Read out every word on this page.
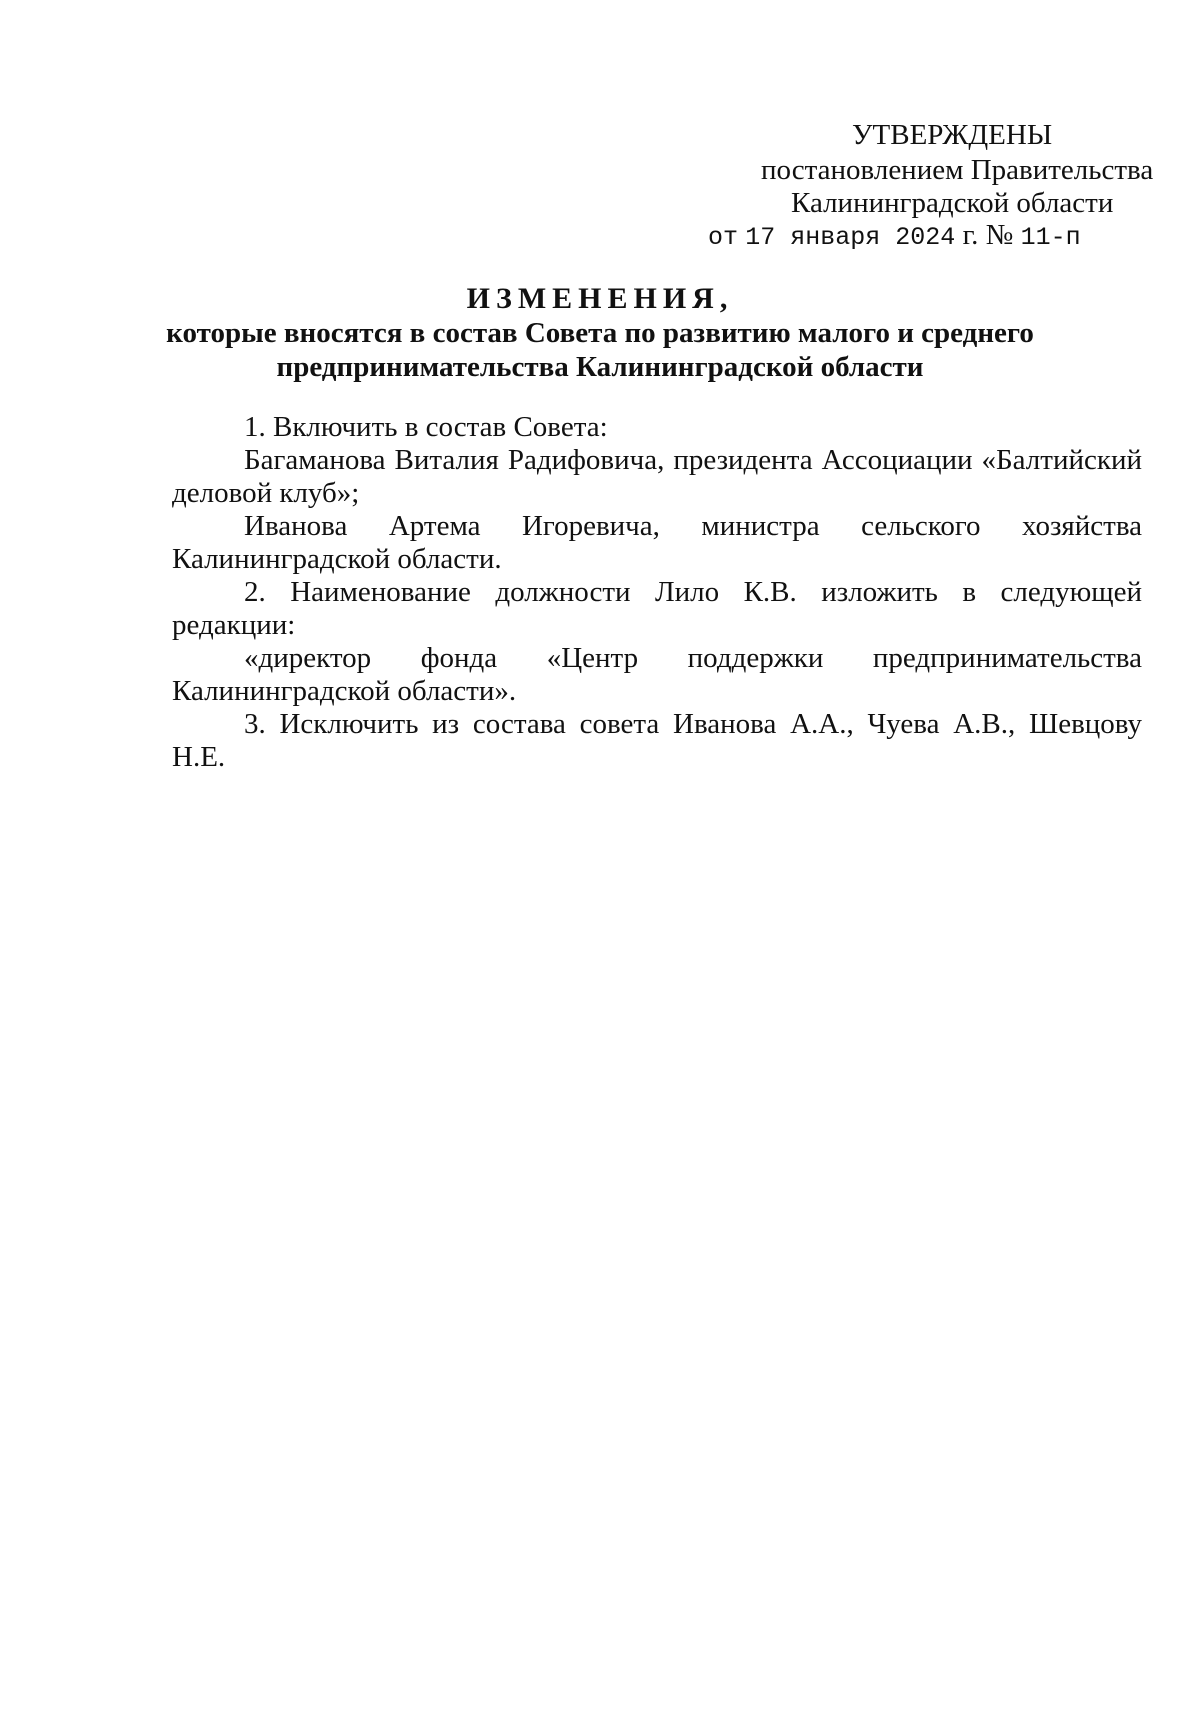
УТВЕРЖДЕНЫ
постановлением Правительства
Калининградской области
от 17 января 2024 г. № 11-п
ИЗМЕНЕНИЯ,
которые вносятся в состав Совета по развитию малого и среднего
предпринимательства Калининградской области

1. Включить в состав Совета:

Багаманова Виталия Радифовича, президента Ассоциации «Балтийский деловой клуб»;

Иванова Артема Игоревича, министра сельского хозяйства Калининградской области.

2. Наименование должности Лило К.В. изложить в следующей редакции:

«директор фонда «Центр поддержки предпринимательства Калининградской области».

3. Исключить из состава совета Иванова А.А., Чуева А.В., Шевцову Н.Е.
